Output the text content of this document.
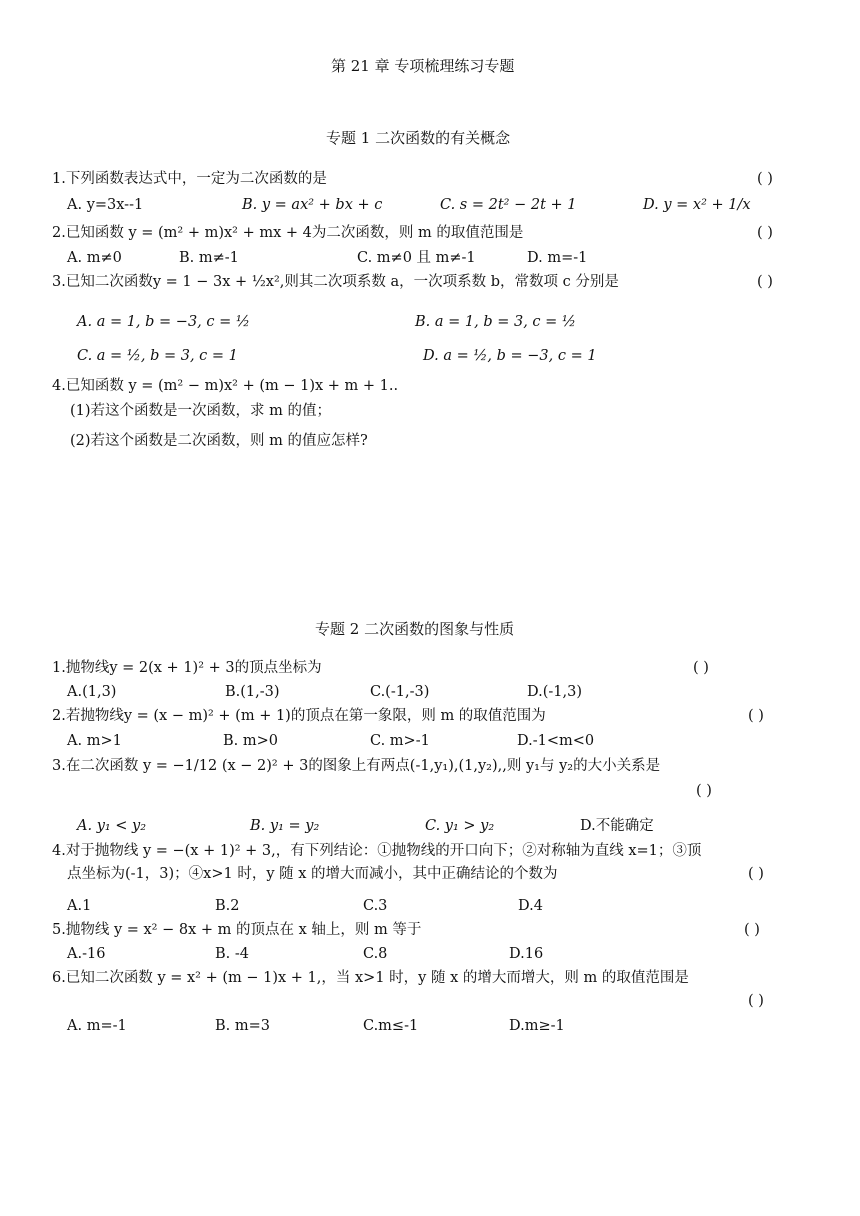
第 21 章 专项梳理练习专题
专题 1 二次函数的有关概念
1.下列函数表达式中，一定为二次函数的是	( )
A. y=3x--1	B. y = ax² + bx + c	C. s = 2t² − 2t + 1	D. y = x² + 1/x
2.已知函数 y = (m² + m)x² + mx + 4为二次函数，则 m 的取值范围是	( )
A. m≠0	B. m≠-1	C. m≠0 且 m≠-1	D. m=-1
3.已知二次函数y = 1 − 3x + ½x²,则其二次项系数 a，一次项系数 b，常数项 c 分别是	( )
A. a = 1, b = −3, c = ½	B. a = 1, b = 3, c = ½
C. a = ½, b = 3, c = 1	D. a = ½, b = −3, c = 1
4.已知函数 y = (m² − m)x² + (m − 1)x + m + 1..
(1)若这个函数是一次函数，求 m 的值；
(2)若这个函数是二次函数，则 m 的值应怎样?
专题 2 二次函数的图象与性质
1.抛物线y = 2(x + 1)² + 3的顶点坐标为	( )
A.(1,3)	B.(1,-3)	C.(-1,-3)	D.(-1,3)
2.若抛物线y = (x − m)² + (m + 1)的顶点在第一象限，则 m 的取值范围为	( )
A. m>1	B. m>0	C. m>-1	D.-1<m<0
3.在二次函数 y = −1/12 (x − 2)² + 3的图象上有两点(-1,y₁),(1,y₂),,则 y₁与 y₂的大小关系是
( )
A. y₁ < y₂	B. y₁ = y₂	C. y₁ > y₂	D.不能确定
4.对于抛物线 y = −(x + 1)² + 3,，有下列结论：①抛物线的开口向下；②对称轴为直线 x=1；③顶
点坐标为(-1，3)；④x>1 时，y 随 x 的增大而减小，其中正确结论的个数为	( )
A.1	B.2	C.3	D.4
5.抛物线 y = x² − 8x + m 的顶点在 x 轴上，则 m 等于	( )
A.-16	B. -4	C.8	D.16
6.已知二次函数 y = x² + (m − 1)x + 1,，当 x>1 时，y 随 x 的增大而增大，则 m 的取值范围是
( )
A. m=-1	B. m=3	C.m≤-1	D.m≥-1
